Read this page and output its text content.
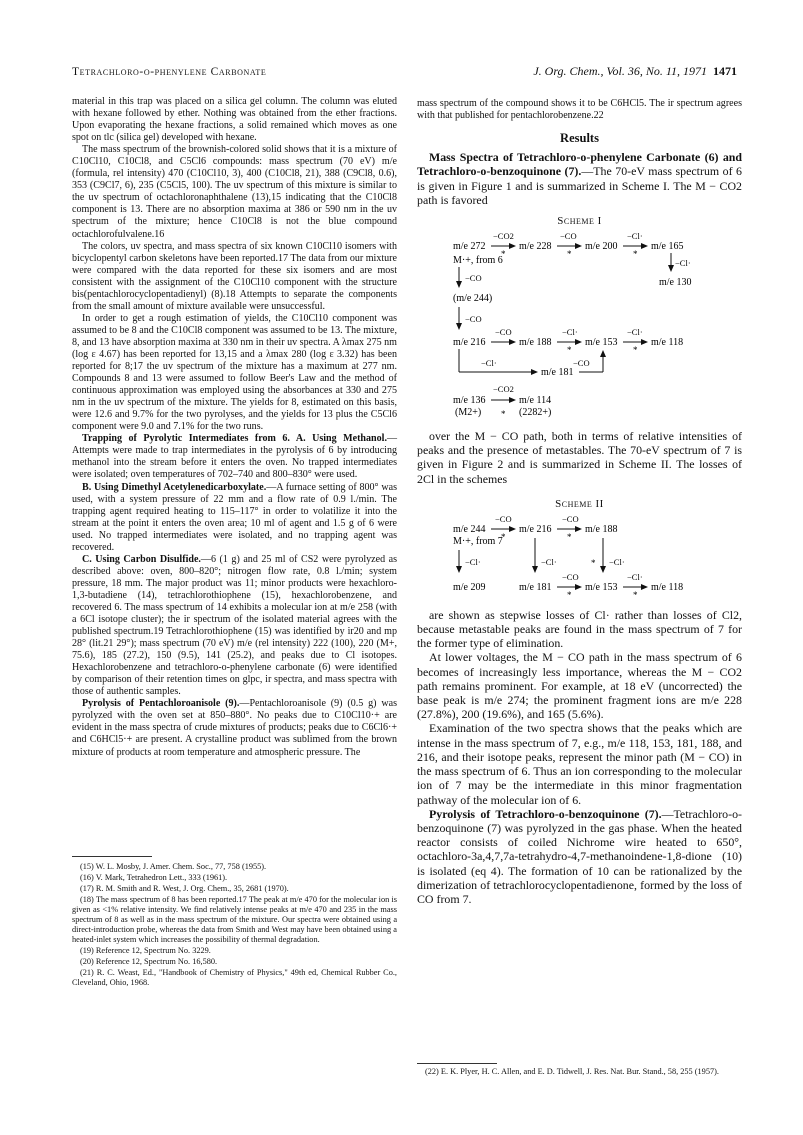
Tetrachloro-o-phenylene Carbonate	J. Org. Chem., Vol. 36, No. 11, 1971 1471

material in this trap was placed on a silica gel column. The column was eluted with hexane followed by ether. Nothing was obtained from the ether fractions. Upon evaporating the hexane fractions, a solid remained which moves as one spot on tlc (silica gel) developed with hexane.

The mass spectrum of the brownish-colored solid shows that it is a mixture of C10Cl10, C10Cl8, and C5Cl6 compounds: mass spectrum (70 eV) m/e (formula, rel intensity) 470 (C10Cl10, 3), 400 (C10Cl8, 21), 388 (C9Cl8, 0.6), 353 (C9Cl7, 6), 235 (C5Cl5, 100). The uv spectrum of this mixture is similar to the uv spectrum of octachloronaphthalene (13),15 indicating that the C10Cl8 component is 13. There are no absorption maxima at 386 or 590 nm in the uv spectrum of the mixture; hence C10Cl8 is not the blue compound octachlorofulvalene.16

The colors, uv spectra, and mass spectra of six known C10Cl10 isomers with bicyclopentyl carbon skeletons have been reported.17 The data from our mixture were compared with the data reported for these six isomers and are most consistent with the assignment of the C10Cl10 component with the structure bis(pentachlorocyclopentadienyl) (8).18 Attempts to separate the components from the small amount of mixture available were unsuccessful.

In order to get a rough estimation of yields, the C10Cl10 component was assumed to be 8 and the C10Cl8 component was assumed to be 13. The mixture, 8, and 13 have absorption maxima at 330 nm in their uv spectra. A λmax 275 nm (log ε 4.67) has been reported for 13,15 and a λmax 280 (log ε 3.32) has been reported for 8;17 the uv spectrum of the mixture has a maximum at 277 nm. Compounds 8 and 13 were assumed to follow Beer's Law and the method of continuous approximation was employed using the absorbances at 330 and 275 nm in the uv spectrum of the mixture. The yields for 8, estimated on this basis, were 12.6 and 9.7% for the two pyrolyses, and the yields for 13 plus the C5Cl6 component were 9.0 and 7.1% for the two runs.

Trapping of Pyrolytic Intermediates from 6. A. Using Methanol.—Attempts were made to trap intermediates in the pyrolysis of 6 by introducing methanol into the stream before it enters the oven. No trapped intermediates were isolated; oven temperatures of 702–740 and 800–830° were used.

B. Using Dimethyl Acetylenedicarboxylate.—A furnace setting of 800° was used, with a system pressure of 22 mm and a flow rate of 0.9 l./min. The trapping agent required heating to 115–117° in order to volatilize it into the stream at the point it enters the oven area; 10 ml of agent and 1.5 g of 6 were used. No trapped intermediates were isolated, and no trapping agent was recovered.

C. Using Carbon Disulfide.—6 (1 g) and 25 ml of CS2 were pyrolyzed as described above: oven, 800–820°; nitrogen flow rate, 0.8 l./min; system pressure, 18 mm. The major product was 11; minor products were hexachloro-1,3-butadiene (14), tetrachlorothiophene (15), hexachlorobenzene, and recovered 6. The mass spectrum of 14 exhibits a molecular ion at m/e 258 (with a 6Cl isotope cluster); the ir spectrum of the isolated material agrees with the published spectrum.19 Tetrachlorothiophene (15) was identified by ir20 and mp 28° (lit.21 29°); mass spectrum (70 eV) m/e (rel intensity) 222 (100), 220 (M+, 75.6), 185 (27.2), 150 (9.5), 141 (25.2), and peaks due to Cl isotopes. Hexachlorobenzene and tetrachloro-o-phenylene carbonate (6) were identified by comparison of their retention times on glpc, ir spectra, and mass spectra with those of authentic samples.

Pyrolysis of Pentachloroanisole (9).—Pentachloroanisole (9) (0.5 g) was pyrolyzed with the oven set at 850–880°. No peaks due to C10Cl10·+ are evident in the mass spectra of crude mixtures of products; peaks due to C6Cl6·+ and C6HCl5·+ are present. A crystalline product was sublimed from the brown mixture of products at room temperature and atmospheric pressure. The

(15) W. L. Mosby, J. Amer. Chem. Soc., 77, 758 (1955).

(16) V. Mark, Tetrahedron Lett., 333 (1961).

(17) R. M. Smith and R. West, J. Org. Chem., 35, 2681 (1970).

(18) The mass spectrum of 8 has been reported.17 The peak at m/e 470 for the molecular ion is given as <1% relative intensity. We find relatively intense peaks at m/e 470 and 235 in the mass spectrum of 8 as well as in the mass spectrum of the mixture. Our spectra were obtained using a direct-introduction probe, whereas the data from Smith and West may have been obtained using a heated-inlet system which increases the possibility of thermal degradation.

(19) Reference 12, Spectrum No. 3229.

(20) Reference 12, Spectrum No. 16,580.

(21) R. C. Weast, Ed., "Handbook of Chemistry of Physics," 49th ed, Chemical Rubber Co., Cleveland, Ohio, 1968.

mass spectrum of the compound shows it to be C6HCl5. The ir spectrum agrees with that published for pentachlorobenzene.22

Results

Mass Spectra of Tetrachloro-o-phenylene Carbonate (6) and Tetrachloro-o-benzoquinone (7).—The 70-eV mass spectrum of 6 is given in Figure 1 and is summarized in Scheme I. The M − CO2 path is favored

Scheme I
m/e 272
−CO2
*
m/e 228
−CO
*
m/e 200
−Cl·
*
m/e 165
M·+, from 6	−Cl·
m/e 130
−CO
(m/e 244)
−CO
m/e 216
−CO
m/e 188
−Cl·
*
m/e 153
−Cl·
*
m/e 118
−Cl·
m/e 181
−CO
m/e 136
−CO2
m/e 114
(M2+) * (2282+)

over the M − CO path, both in terms of relative intensities of peaks and the presence of metastables. The 70-eV spectrum of 7 is given in Figure 2 and is summarized in Scheme II. The losses of 2Cl in the schemes

Scheme II
m/e 244
−CO
*
m/e 216
−CO
*
m/e 188
M·+, from 7
−Cl·	−Cl·	* −Cl·
m/e 209	m/e 181
−CO
*
m/e 153
−Cl·
*
m/e 118

are shown as stepwise losses of Cl· rather than losses of Cl2, because metastable peaks are found in the mass spectrum of 7 for the former type of elimination.

At lower voltages, the M − CO path in the mass spectrum of 6 becomes of increasingly less importance, whereas the M − CO2 path remains prominent. For example, at 18 eV (uncorrected) the base peak is m/e 274; the prominent fragment ions are m/e 228 (27.8%), 200 (19.6%), and 165 (5.6%).

Examination of the two spectra shows that the peaks which are intense in the mass spectrum of 7, e.g., m/e 118, 153, 181, 188, and 216, and their isotope peaks, represent the minor path (M − CO) in the mass spectrum of 6. Thus an ion corresponding to the molecular ion of 7 may be the intermediate in this minor fragmentation pathway of the molecular ion of 6.

Pyrolysis of Tetrachloro-o-benzoquinone (7).—Tetrachloro-o-benzoquinone (7) was pyrolyzed in the gas phase. When the heated reactor consists of coiled Nichrome wire heated to 650°, octachloro-3a,4,7,7a-tetrahydro-4,7-methanoindene-1,8-dione (10) is isolated (eq 4). The formation of 10 can be rationalized by the dimerization of tetrachlorocyclopentadienone, formed by the loss of CO from 7.

(22) E. K. Plyer, H. C. Allen, and E. D. Tidwell, J. Res. Nat. Bur. Stand., 58, 255 (1957).
